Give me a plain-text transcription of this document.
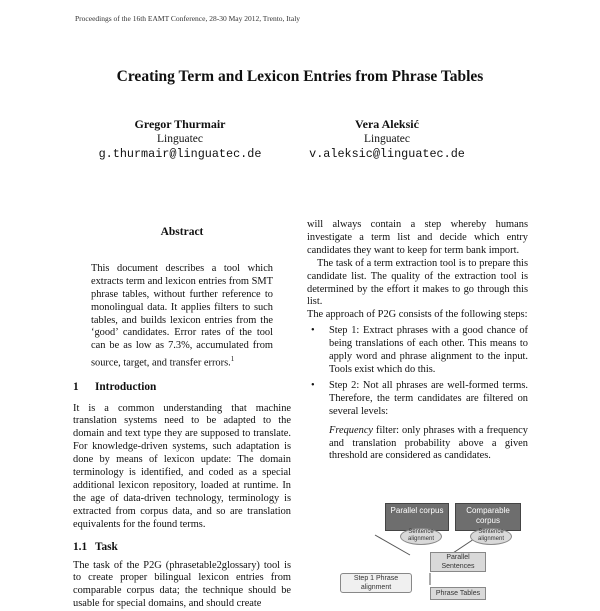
Proceedings of the 16th EAMT Conference, 28-30 May 2012, Trento, Italy
Creating Term and Lexicon Entries from Phrase Tables
Gregor Thurmair
Linguatec
g.thurmair@linguatec.de
Vera Aleksić
Linguatec
v.aleksic@linguatec.de
Abstract

This document describes a tool which extracts term and lexicon entries from SMT phrase tables, without further reference to monolingual data. It applies filters to such tables, and builds lexicon entries from the ‘good’ candidates. Error rates of the tool can be as low as 7.3%, accumulated from source, target, and transfer errors.$^1$

1 Introduction

It is a common understanding that machine translation systems need to be adapted to the domain and text type they are supposed to translate. For knowledge-driven systems, such adaptation is done by means of lexicon update: The domain terminology is identified, and coded as a special additional lexicon repository, loaded at runtime. In the age of data-driven technology, terminology is extracted from corpus data, and so are translation equivalents for the found terms.

1.1 Task

The task of the P2G (phrasetable2glossary) tool is to create proper bilingual lexicon entries from comparable corpus data; the technique should be usable for special domains, and should create

will always contain a step whereby humans investigate a term list and decide which entry candidates they want to keep for term bank import.

The task of a term extraction tool is to prepare this candidate list. The quality of the extraction tool is determined by the effort it makes to go through this list.

The approach of P2G consists of the following steps:

• Step 1: Extract phrases with a good chance of being translations of each other. This means to apply word and phrase alignment to the input. Tools exist which do this.
• Step 2: Not all phrases are well-formed terms. Therefore, the term candidates are filtered on several levels:

Frequency filter: only phrases with a frequency and translation probability above a given threshold are considered as candidates.

Parallel corpus	Comparable corpus
Sentence alignment
Sentence alignment
Parallel Sentences
Step 1 Phrase alignment
Phrase Tables
